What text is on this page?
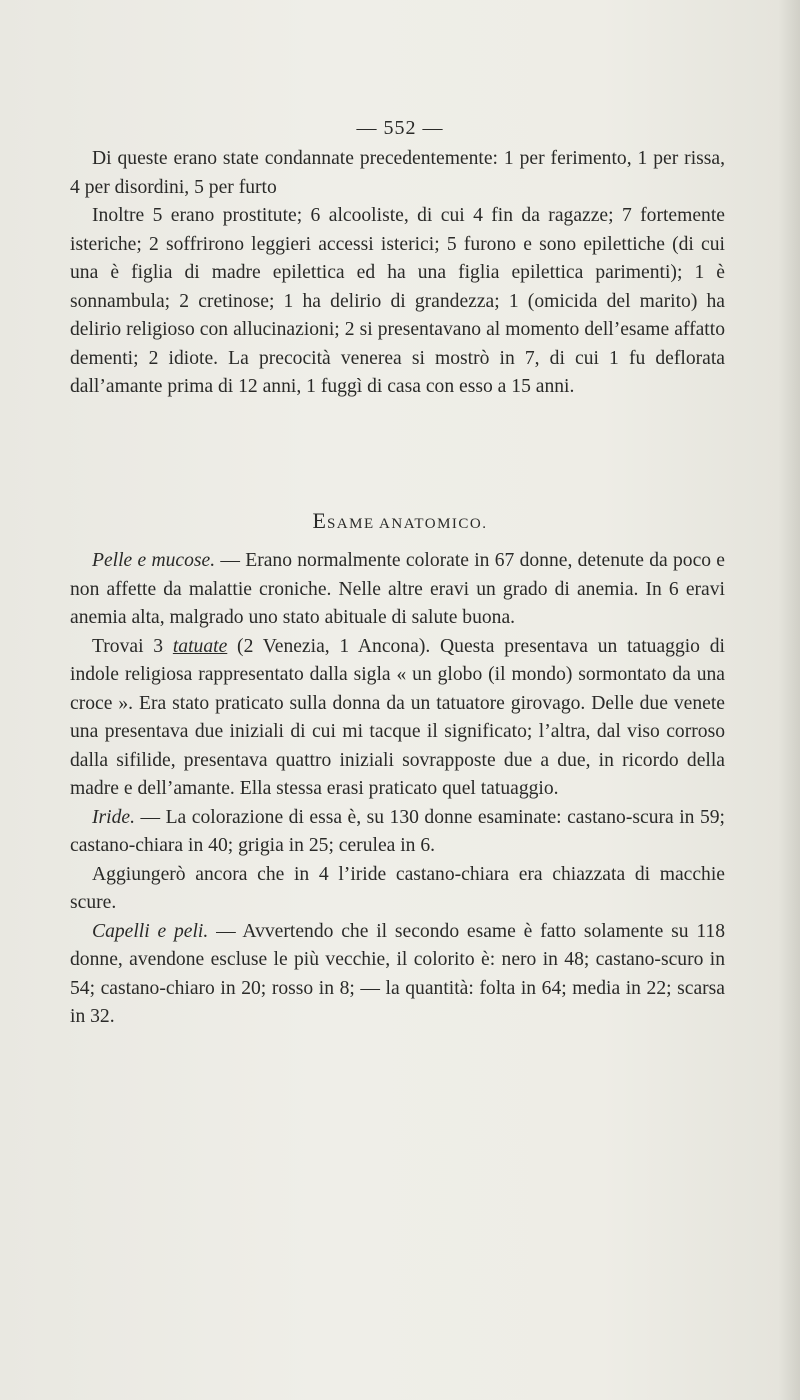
— 552 —

Di queste erano state condannate precedentemente: 1 per ferimento, 1 per rissa, 4 per disordini, 5 per furto

Inoltre 5 erano prostitute; 6 alcooliste, di cui 4 fin da ragazze; 7 fortemente isteriche; 2 soffrirono leggieri accessi isterici; 5 furono e sono epilettiche (di cui una è figlia di madre epilettica ed ha una figlia epilettica parimenti); 1 è sonnambula; 2 cretinose; 1 ha delirio di grandezza; 1 (omicida del marito) ha delirio religioso con allucinazioni; 2 si presentavano al momento dell’esame affatto dementi; 2 idiote. La precocità venerea si mostrò in 7, di cui 1 fu deflorata dall’amante prima di 12 anni, 1 fuggì di casa con esso a 15 anni.

ESAME ANATOMICO.

Pelle e mucose. — Erano normalmente colorate in 67 donne, detenute da poco e non affette da malattie croniche. Nelle altre eravi un grado di anemia. In 6 eravi anemia alta, malgrado uno stato abituale di salute buona.

Trovai 3 tatuate (2 Venezia, 1 Ancona). Questa presentava un tatuaggio di indole religiosa rappresentato dalla sigla « un globo (il mondo) sormontato da una croce ». Era stato praticato sulla donna da un tatuatore girovago. Delle due venete una presentava due iniziali di cui mi tacque il significato; l’altra, dal viso corroso dalla sifilide, presentava quattro iniziali sovrapposte due a due, in ricordo della madre e dell’amante. Ella stessa erasi praticato quel tatuaggio.

Iride. — La colorazione di essa è, su 130 donne esaminate: castano-scura in 59; castano-chiara in 40; grigia in 25; cerulea in 6.

Aggiungerò ancora che in 4 l’iride castano-chiara era chiazzata di macchie scure.

Capelli e peli. — Avvertendo che il secondo esame è fatto solamente su 118 donne, avendone escluse le più vecchie, il colorito è: nero in 48; castano-scuro in 54; castano-chiaro in 20; rosso in 8; — la quantità: folta in 64; media in 22; scarsa in 32.
